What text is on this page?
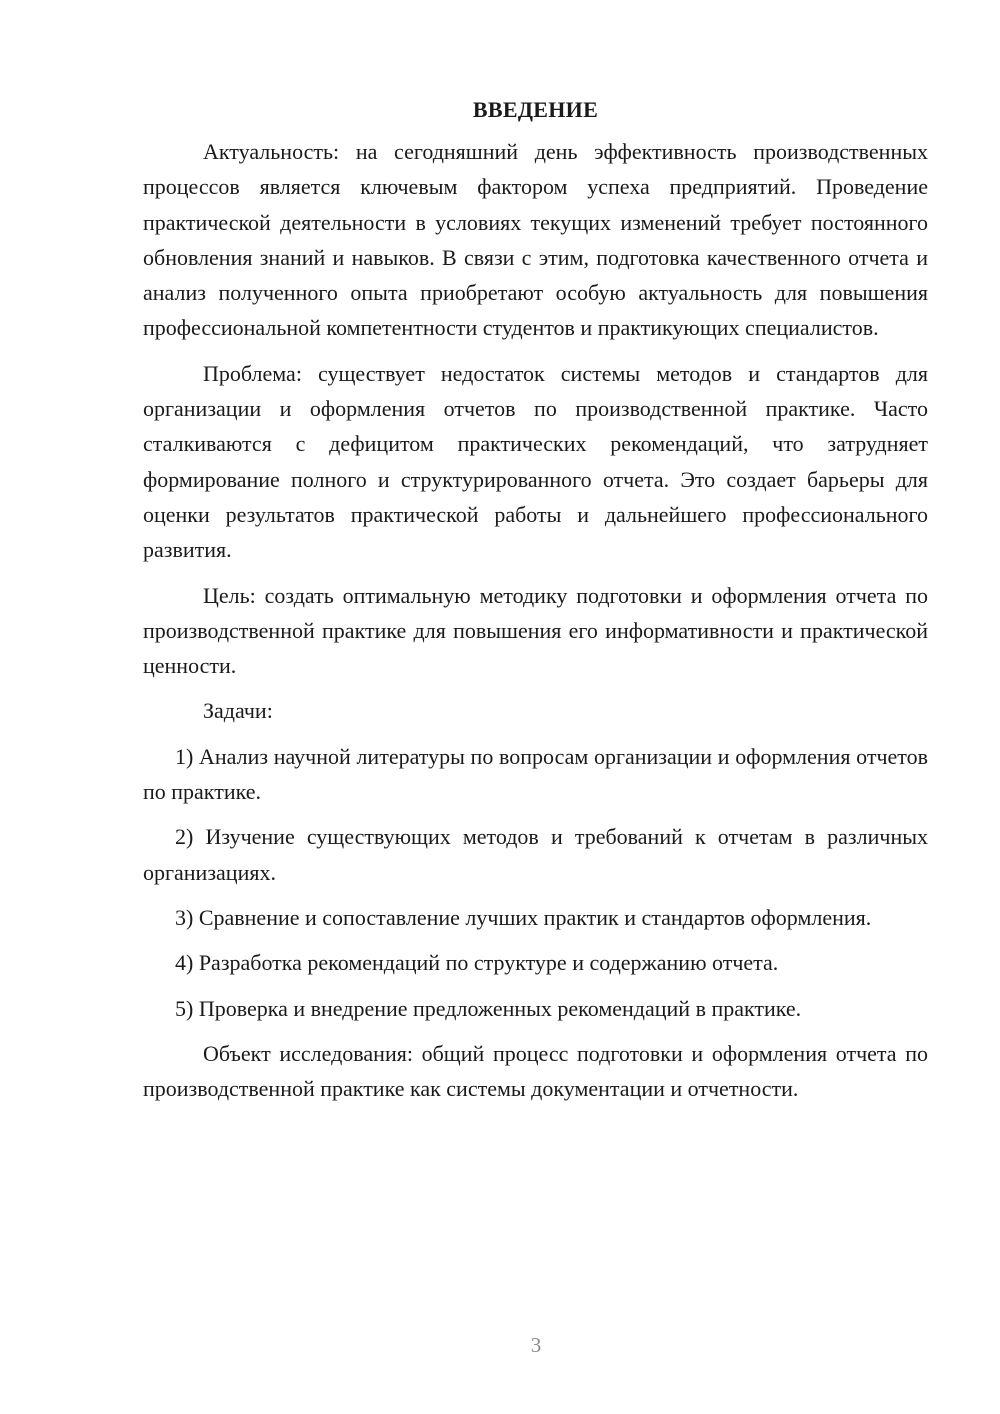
ВВЕДЕНИЕ

Актуальность: на сегодняшний день эффективность производственных процессов является ключевым фактором успеха предприятий. Проведение практической деятельности в условиях текущих изменений требует постоянного обновления знаний и навыков. В связи с этим, подготовка качественного отчета и анализ полученного опыта приобретают особую актуальность для повышения профессиональной компетентности студентов и практикующих специалистов.

Проблема: существует недостаток системы методов и стандартов для организации и оформления отчетов по производственной практике. Часто сталкиваются с дефицитом практических рекомендаций, что затрудняет формирование полного и структурированного отчета. Это создает барьеры для оценки результатов практической работы и дальнейшего профессионального развития.

Цель: создать оптимальную методику подготовки и оформления отчета по производственной практике для повышения его информативности и практической ценности.

Задачи:

1) Анализ научной литературы по вопросам организации и оформления отчетов по практике.

2) Изучение существующих методов и требований к отчетам в различных организациях.

3) Сравнение и сопоставление лучших практик и стандартов оформления.

4) Разработка рекомендаций по структуре и содержанию отчета.

5) Проверка и внедрение предложенных рекомендаций в практике.

Объект исследования: общий процесс подготовки и оформления отчета по производственной практике как системы документации и отчетности.

3
